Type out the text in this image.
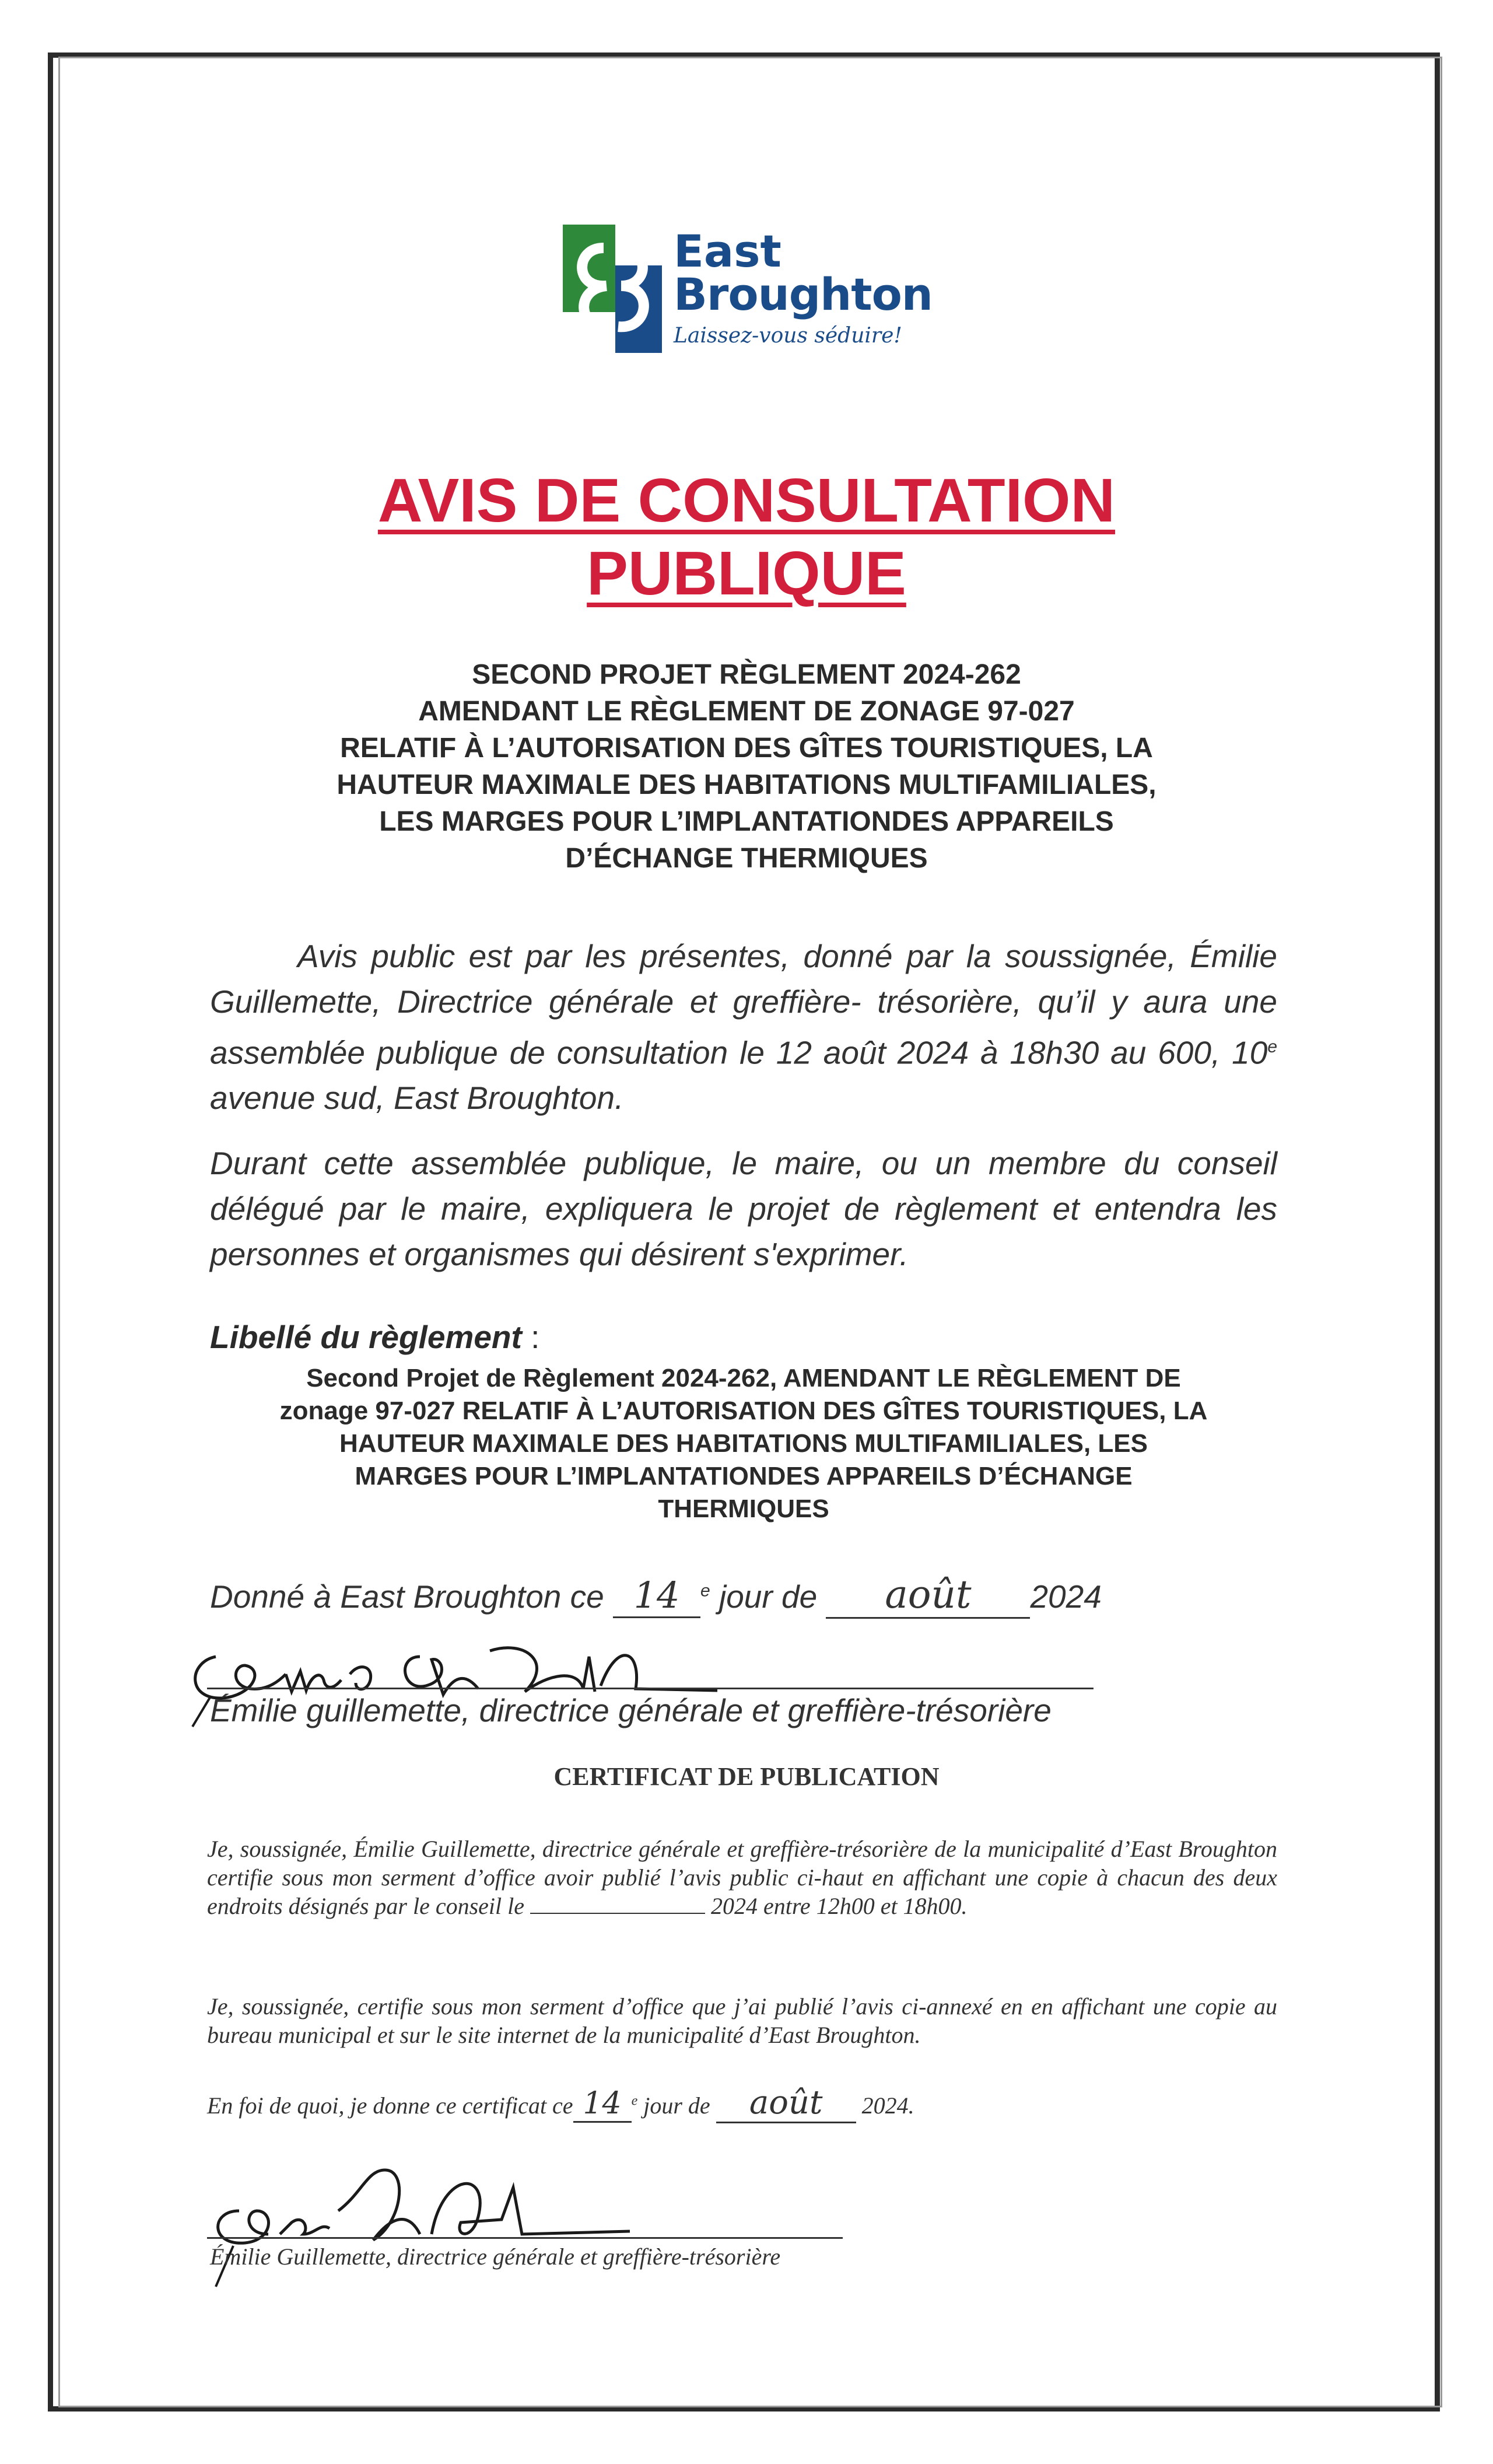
East
Broughton
Laissez-vous séduire!
AVIS DE CONSULTATION
PUBLIQUE
SECOND PROJET RÈGLEMENT 2024-262
AMENDANT LE RÈGLEMENT DE ZONAGE 97-027
RELATIF À L’AUTORISATION DES GÎTES TOURISTIQUES, LA
HAUTEUR MAXIMALE DES HABITATIONS MULTIFAMILIALES,
LES MARGES POUR L’IMPLANTATIONDES APPAREILS
D’ÉCHANGE THERMIQUES
Avis public est par les présentes, donné par la soussignée, Émilie Guillemette, Directrice générale et greffière- trésorière, qu’il y aura une assemblée publique de consultation le 12 août 2024 à 18h30 au 600, 10e avenue sud, East Broughton.
Durant cette assemblée publique, le maire, ou un membre du conseil délégué par le maire, expliquera le projet de règlement et entendra les personnes et organismes qui désirent s'exprimer.
Libellé du règlement :
Second Projet de Règlement 2024-262, AMENDANT LE RÈGLEMENT DE
zonage 97-027 RELATIF À L’AUTORISATION DES GÎTES TOURISTIQUES, LA
HAUTEUR MAXIMALE DES HABITATIONS MULTIFAMILIALES, LES
MARGES POUR L’IMPLANTATIONDES APPAREILS D’ÉCHANGE
THERMIQUES
Donné à East Broughton ce 14 $^e$ jour de août 2024
Émilie guillemette, directrice générale et greffière-trésorière
CERTIFICAT DE PUBLICATION
Je, soussignée, Émilie Guillemette, directrice générale et greffière-trésorière de la municipalité d’East Broughton certifie sous mon serment d’office avoir publié l’avis public ci-haut en affichant une copie à chacun des deux endroits désignés par le conseil le	2024 entre 12h00 et 18h00.
Je, soussignée, certifie sous mon serment d’office que j’ai publié l’avis ci-annexé en en affichant une copie au bureau municipal et sur le site internet de la municipalité d’East Broughton.
En foi de quoi, je donne ce certificat ce 14 $^e$ jour de août 2024.
Émilie Guillemette, directrice générale et greffière-trésorière
